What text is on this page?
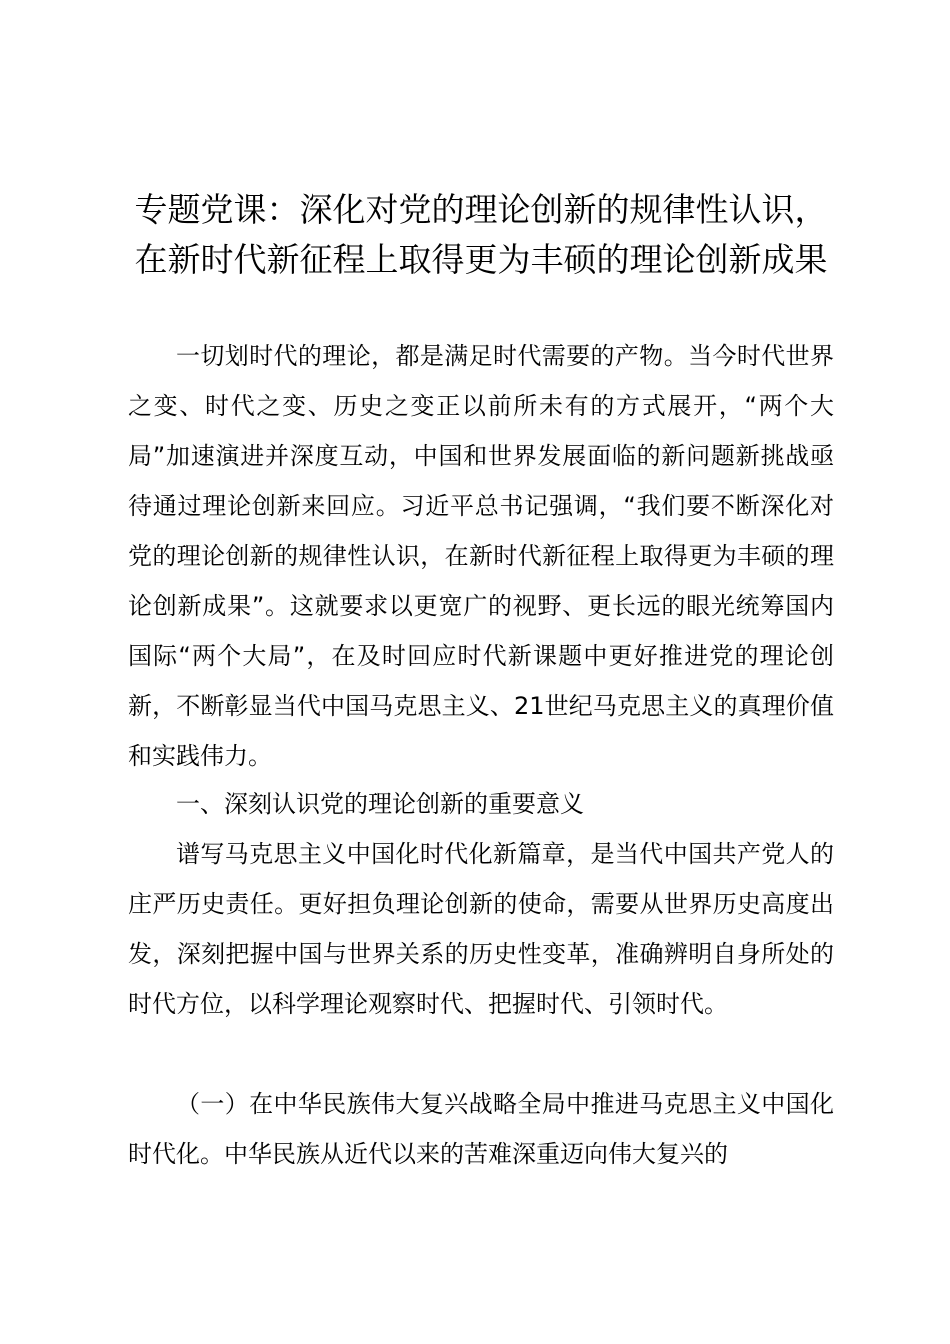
专题党课：深化对党的理论创新的规律性认识，在新时代新征程上取得更为丰硕的理论创新成果

一切划时代的理论，都是满足时代需要的产物。当今时代世界之变、时代之变、历史之变正以前所未有的方式展开，“两个大局”加速演进并深度互动，中国和世界发展面临的新问题新挑战亟待通过理论创新来回应。习近平总书记强调，“我们要不断深化对党的理论创新的规律性认识，在新时代新征程上取得更为丰硕的理论创新成果”。这就要求以更宽广的视野、更长远的眼光统筹国内国际“两个大局”，在及时回应时代新课题中更好推进党的理论创新，不断彰显当代中国马克思主义、21世纪马克思主义的真理价值和实践伟力。

一、深刻认识党的理论创新的重要意义

谱写马克思主义中国化时代化新篇章，是当代中国共产党人的庄严历史责任。更好担负理论创新的使命，需要从世界历史高度出发，深刻把握中国与世界关系的历史性变革，准确辨明自身所处的时代方位，以科学理论观察时代、把握时代、引领时代。

（一）在中华民族伟大复兴战略全局中推进马克思主义中国化时代化。中华民族从近代以来的苦难深重迈向伟大复兴的
